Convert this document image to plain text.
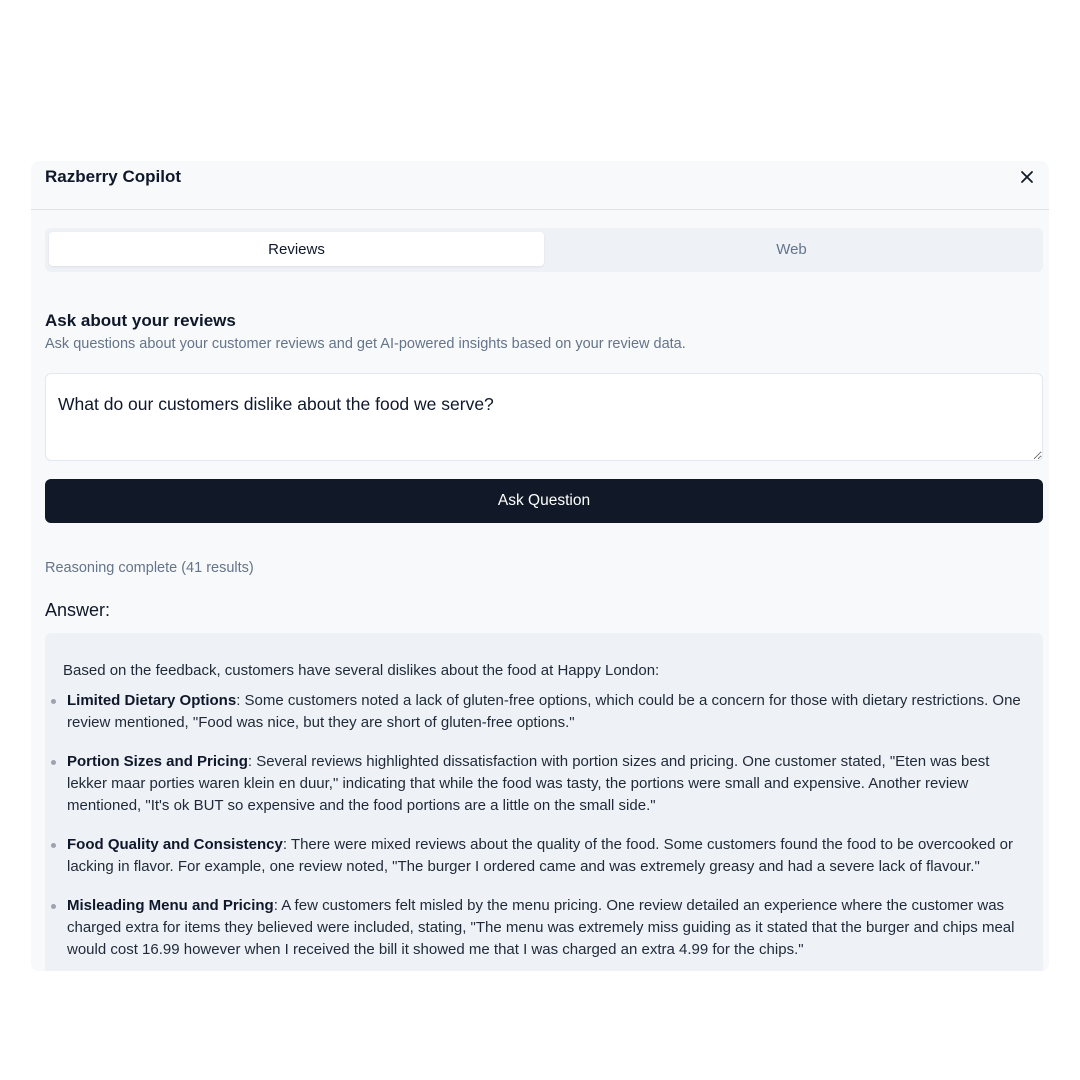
Razberry Copilot
Reviews	Web
Ask about your reviews
Ask questions about your customer reviews and get AI-powered insights based on your review data.
What do our customers dislike about the food we serve?
Ask Question
Reasoning complete (41 results)
Answer:

Based on the feedback, customers have several dislikes about the food at Happy London:

Limited Dietary Options: Some customers noted a lack of gluten-free options, which could be a concern for those with dietary restrictions. One review mentioned, "Food was nice, but they are short of gluten-free options."
Portion Sizes and Pricing: Several reviews highlighted dissatisfaction with portion sizes and pricing. One customer stated, "Eten was best lekker maar porties waren klein en duur," indicating that while the food was tasty, the portions were small and expensive. Another review mentioned, "It's ok BUT so expensive and the food portions are a little on the small side."
Food Quality and Consistency: There were mixed reviews about the quality of the food. Some customers found the food to be overcooked or lacking in flavor. For example, one review noted, "The burger I ordered came and was extremely greasy and had a severe lack of flavour."
Misleading Menu and Pricing: A few customers felt misled by the menu pricing. One review detailed an experience where the customer was charged extra for items they believed were included, stating, "The menu was extremely miss guiding as it stated that the burger and chips meal would cost 16.99 however when I received the bill it showed me that I was charged an extra 4.99 for the chips."
